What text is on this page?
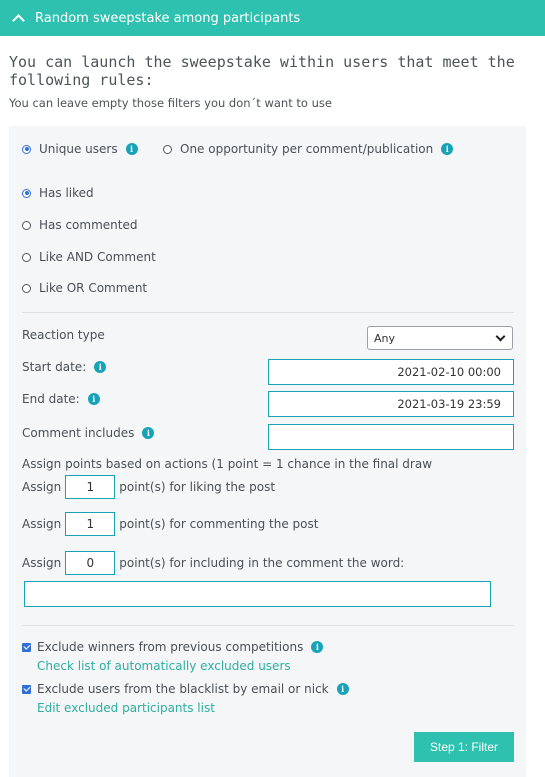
Random sweepstake among participants
You can launch the sweepstake within users that meet the following rules:
You can leave empty those filters you don´t want to use
Unique users	i	One opportunity per comment/publication	i
Has liked
Has commented
Like AND Comment
Like OR Comment
Reaction type	Any
Start date:	i	2021-02-10 00:00
End date:	i	2021-03-19 23:59
Comment includes	i
Assign points based on actions (1 point = 1 chance in the final draw
Assign	1	point(s) for liking the post
Assign	1	point(s) for commenting the post
Assign	0	point(s) for including in the comment the word:
Exclude winners from previous competitions	i
Check list of automatically excluded users
Exclude users from the blacklist by email or nick	i
Edit excluded participants list
Step 1: Filter
